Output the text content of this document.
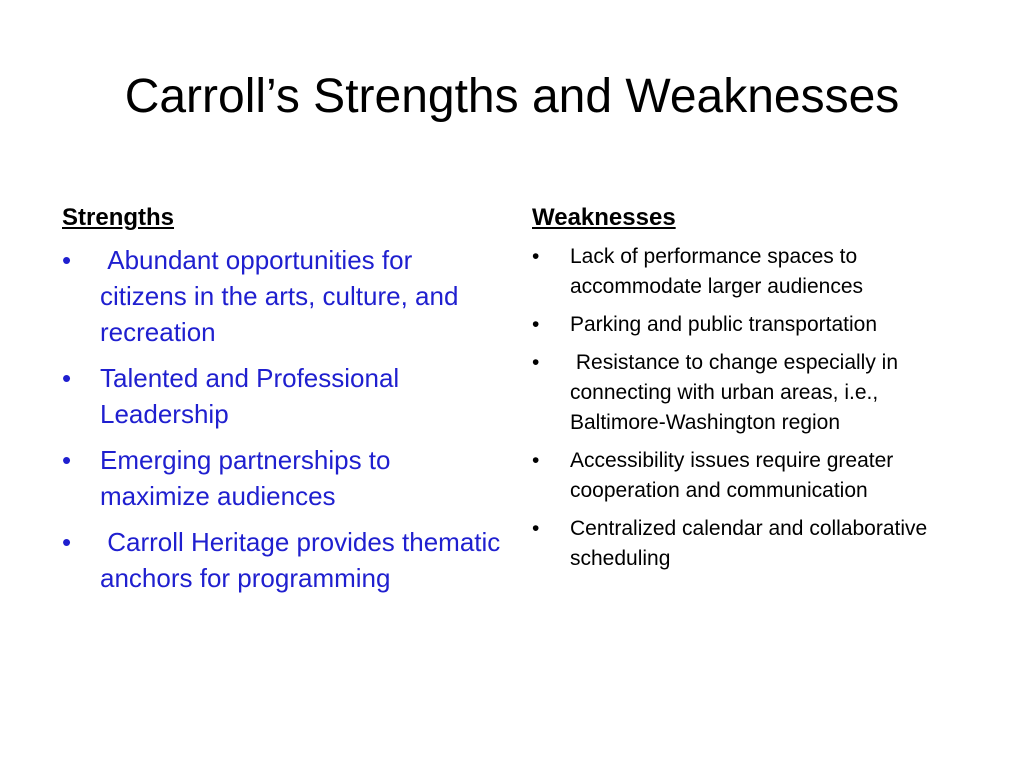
Carroll’s Strengths and Weaknesses
Strengths
•	Abundant opportunities for citizens in the arts, culture, and recreation
•	Talented and Professional Leadership
•	Emerging partnerships to maximize audiences
•	Carroll Heritage provides thematic anchors for programming
Weaknesses
•	Lack of performance spaces to accommodate larger audiences
•	Parking and public transportation
•	Resistance to change especially in connecting with urban areas, i.e., Baltimore-Washington region
•	Accessibility issues require greater cooperation and communication
•	Centralized calendar and collaborative scheduling
